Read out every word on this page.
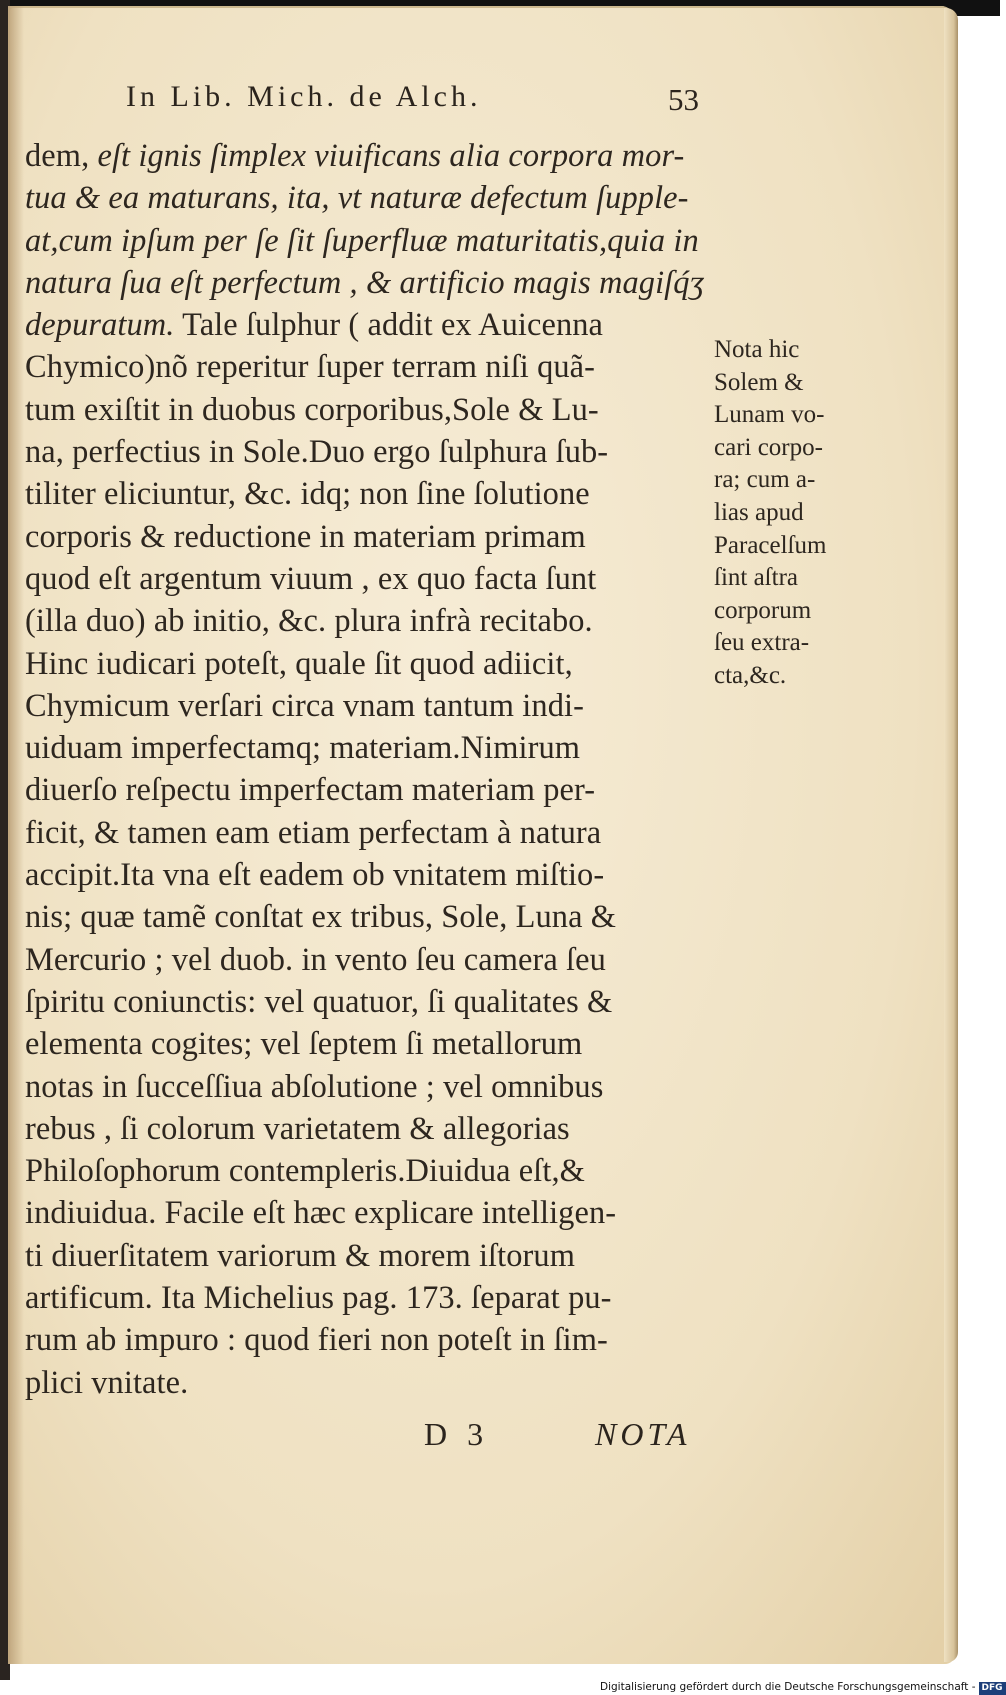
In Lib. Mich. de Alch.	53
dem, eſt ignis ſimplex viuificans alia corpora mor-
tua & ea maturans, ita, vt naturæ defectum ſupple-
at,cum ipſum per ſe ſit ſuperfluæ maturitatis,quia in
natura ſua eſt perfectum , & artificio magis magiſq́ʒ
depuratum. Tale ſulphur ( addit ex Auicenna
Chymico)nõ reperitur ſuper terram niſi quã-
tum exiſtit in duobus corporibus,Sole & Lu-
na, perfectius in Sole.Duo ergo ſulphura ſub-
tiliter eliciuntur, &c. idq; non ſine ſolutione
corporis & reductione in materiam primam
quod eſt argentum viuum , ex quo facta ſunt
(illa duo) ab initio, &c. plura infrà recitabo.
Hinc iudicari poteſt, quale ſit quod adiicit,
Chymicum verſari circa vnam tantum indi-
uiduam imperfectamq; materiam.Nimirum
diuerſo reſpectu imperfectam materiam per-
ficit, & tamen eam etiam perfectam à natura
accipit.Ita vna eſt eadem ob vnitatem miſtio-
nis; quæ tamẽ conſtat ex tribus, Sole, Luna &
Mercurio ; vel duob. in vento ſeu camera ſeu
ſpiritu coniunctis: vel quatuor, ſi qualitates &
elementa cogites; vel ſeptem ſi metallorum
notas in ſucceſſiua abſolutione ; vel omnibus
rebus , ſi colorum varietatem & allegorias
Philoſophorum contempleris.Diuidua eſt,&
indiuidua. Facile eſt hæc explicare intelligen-
ti diuerſitatem variorum & morem iſtorum
artificum. Ita Michelius pag. 173. ſeparat pu-
rum ab impuro : quod fieri non poteſt in ſim-
plici vnitate.
Nota hic
Solem &
Lunam vo-
cari corpo-
ra; cum a-
lias apud
Paracelſum
ſint aſtra
corporum
ſeu extra-
cta,&c.
D 3	NOTA
Digitalisierung gefördert durch die Deutsche Forschungsgemeinschaft - DFG
